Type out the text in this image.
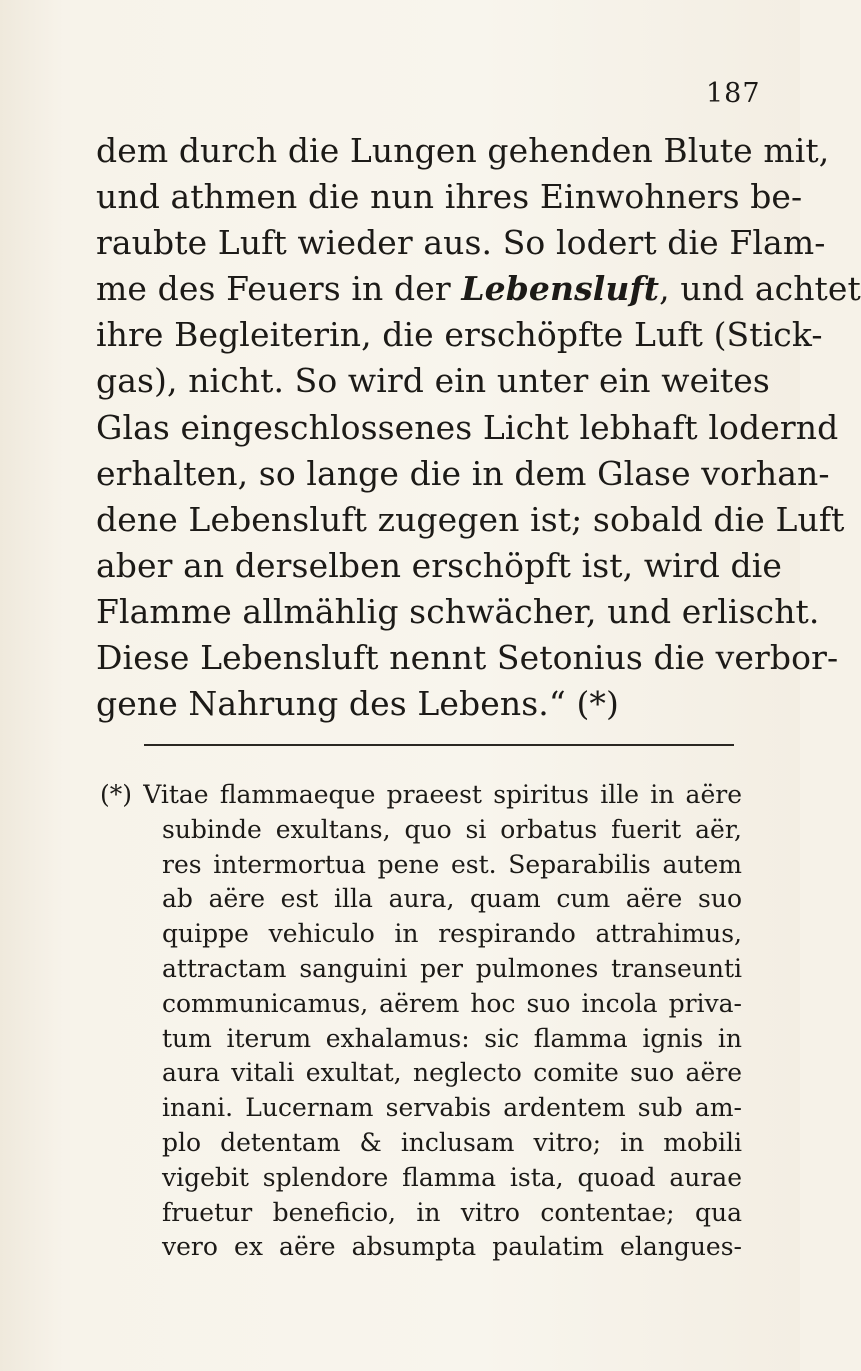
187
dem durch die Lungen gehenden Blute mit,
und athmen die nun ihres Einwohners be-
raubte Luft wieder aus. So lodert die Flam-
me des Feuers in der Lebensluft, und achtet
ihre Begleiterin, die erschöpfte Luft (Stick-
gas), nicht. So wird ein unter ein weites
Glas eingeschlossenes Licht lebhaft lodernd
erhalten, so lange die in dem Glase vorhan-
dene Lebensluft zugegen ist; sobald die Luft
aber an derselben erschöpft ist, wird die
Flamme allmählig schwächer, und erlischt.
Diese Lebensluft nennt Setonius die verbor-
gene Nahrung des Lebens.“ (*)
(*) Vitae flammaeque praeest spiritus ille in aëre
subinde exultans, quo si orbatus fuerit aër,
res intermortua pene est. Separabilis autem
ab aëre est illa aura, quam cum aëre suo
quippe vehiculo in respirando attrahimus,
attractam sanguini per pulmones transeunti
communicamus, aërem hoc suo incola priva-
tum iterum exhalamus: sic flamma ignis in
aura vitali exultat, neglecto comite suo aëre
inani. Lucernam servabis ardentem sub am-
plo detentam & inclusam vitro; in mobili
vigebit splendore flamma ista, quoad aurae
fruetur beneficio, in vitro contentae; qua
vero ex aëre absumpta paulatim elangues-
